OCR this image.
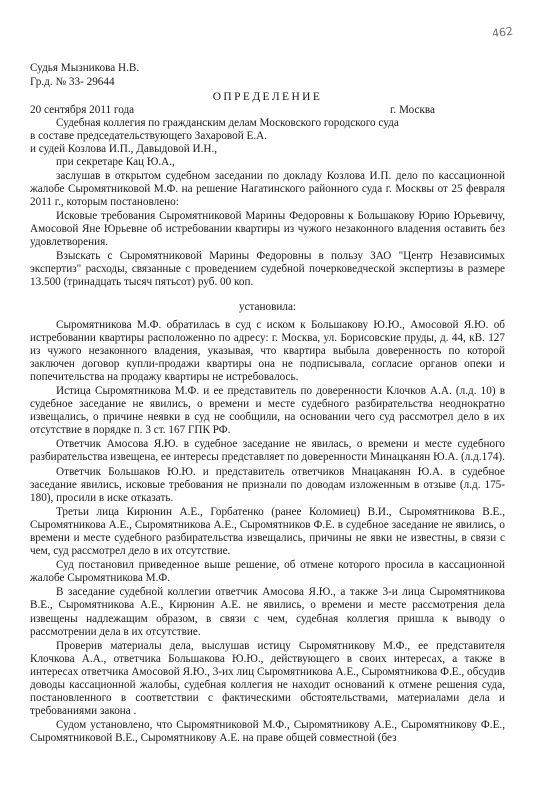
462
Судья Мызникова Н.В.
Гр.д. № 33- 29644
ОПРЕДЕЛЕНИЕ
20 сентября 2011 года	г. Москва
Судебная коллегия по гражданским делам Московского городского суда
в составе председательствующего Захаровой Е.А.
и судей Козлова И.П., Давыдовой И.Н.,
при секретаре Кац Ю.А.,

заслушав в открытом судебном заседании по докладу Козлова И.П. дело по кассационной жалобе Сыромятниковой М.Ф. на решение Нагатинского районного суда г. Москвы от 25 февраля 2011 г., которым постановлено:

Исковые требования Сыромятниковой Марины Федоровны к Большакову Юрию Юрьевичу, Амосовой Яне Юрьевне об истребовании квартиры из чужого незаконного владения оставить без удовлетворения.

Взыскать с Сыромятниковой Марины Федоровны в пользу ЗАО "Центр Независимых экспертиз" расходы, связанные с проведением судебной почерковедческой экспертизы в размере 13.500 (тринадцать тысяч пятьсот) руб. 00 коп.

установила:

Сыромятникова М.Ф. обратилась в суд с иском к Большакову Ю.Ю., Амосовой Я.Ю. об истребовании квартиры расположенно по адресу: г. Москва, ул. Борисовские пруды, д. 44, кВ. 127 из чужого незаконного владения, указывая, что квартира выбыла доверенность по которой заключен договор купли-продажи квартиры она не подписывала, согласие органов опеки и попечительства на продажу квартиры не истребовалось.

Истица Сыромятникова М.Ф. и ее представитель по доверенности Клочков А.А. (л.д. 10) в судебное заседание не явились, о времени и месте судебного разбирательства неоднократно извещались, о причине неявки в суд не сообщили, на основании чего суд рассмотрел дело в их отсутствие в порядке п. 3 ст. 167 ГПК РФ.

Ответчик Амосова Я.Ю. в судебное заседание не явилась, о времени и месте судебного разбирательства извещена, ее интересы представляет по доверенности Минацканян Ю.А. (л.д.174).

Ответчик Большаков Ю.Ю. и представитель ответчиков Мнацаканян Ю.А. в судебное заседание явились, исковые требования не признали по доводам изложенным в отзыве (л.д. 175-180), просили в иске отказать.

Третьи лица Кирюнин А.Е., Горбатенко (ранее Коломиец) В.И., Сыромятникова В.Е., Сыромятникова А.Е., Сыромятникова А.Е., Сыромятников Ф.Е. в судебное заседание не явились, о времени и месте судебного разбирательства извещались, причины не явки не известны, в связи с чем, суд рассмотрел дело в их отсутствие.

Суд постановил приведенное выше решение, об отмене которого просила в кассационной жалобе Сыромятникова М.Ф.

В заседание судебной коллегии ответчик Амосова Я.Ю., а также 3-и лица Сыромятникова В.Е., Сыромятникова А.Е., Кирюнин А.Е. не явились, о времени и месте рассмотрения дела извещены надлежащим образом, в связи с чем, судебная коллегия пришла к выводу о рассмотрении дела в их отсутствие.

Проверив материалы дела, выслушав истицу Сыромятникову М.Ф., ее представителя Клочкова А.А., ответчика Большакова Ю.Ю., действующего в своих интересах, а также в интересах ответчика Амосовой Я.Ю., 3-их лиц Сыромятникова А.Е., Сыромятникова Ф.Е., обсудив доводы кассационной жалобы, судебная коллегия не находит оснований к отмене решения суда, постановленного в соответствии с фактическими обстоятельствами, материалами дела и требованиями закона .

Судом установлено, что Сыромятниковой М.Ф., Сыромятникову А.Е., Сыромятникову Ф.Е., Сыромятниковой В.Е., Сыромятникову А.Е. на праве общей совместной (без
